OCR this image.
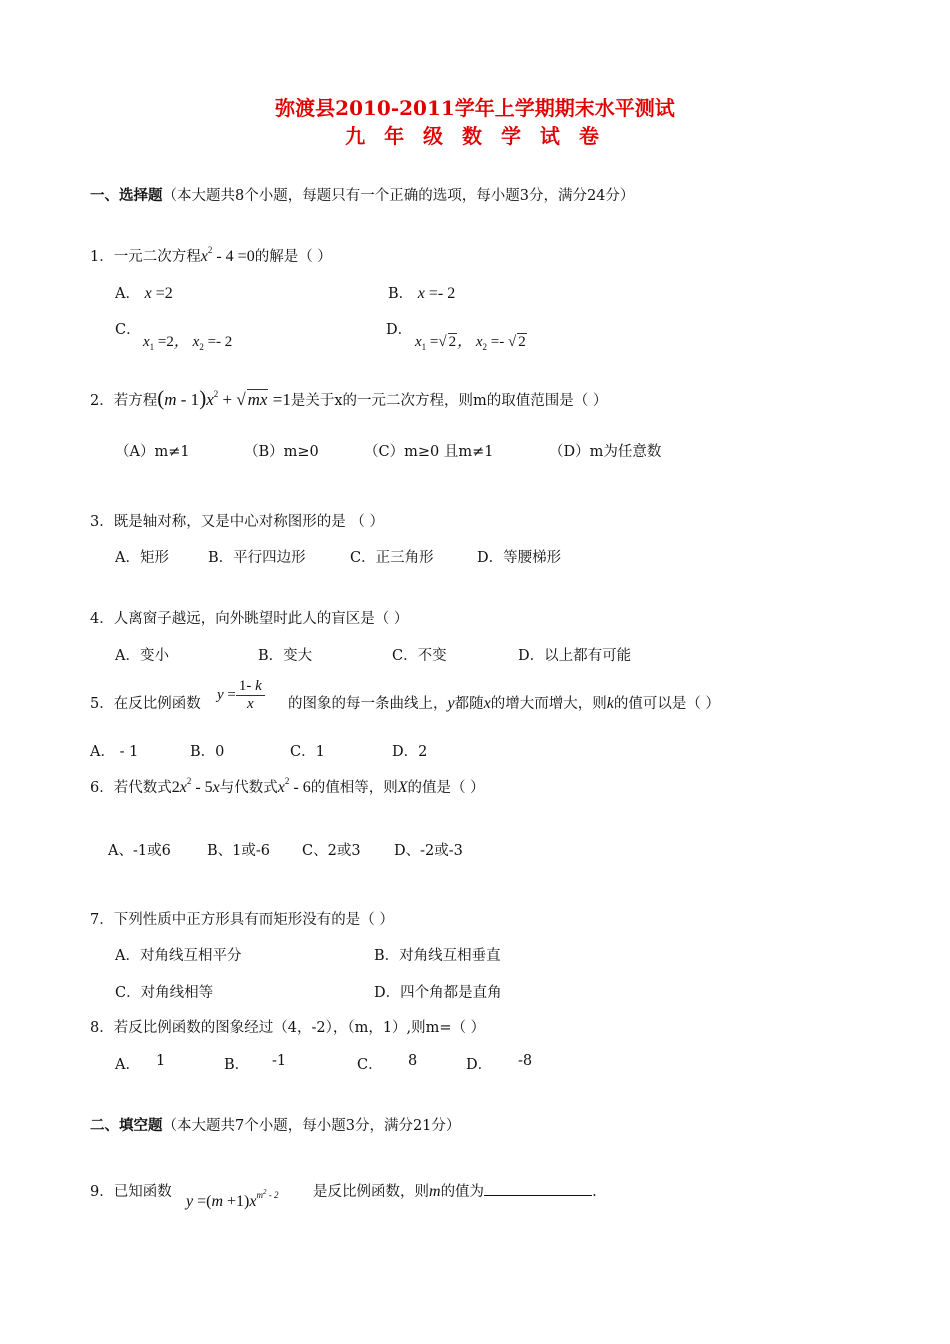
弥渡县2010-2011学年上学期期末水平测试
九 年 级 数 学 试 卷
一、选择题（本大题共8个小题，每题只有一个正确的选项，每小题3分，满分24分）
1．一元二次方程$x^2 - 4 =0$的解是（ ）
A． x =2	B． x =- 2
C．
$x_1 =2$， $x_2 =- 2$
D．
$x_1$ =√ 2， $x_2$ =- √ 2
2．若方程$(m - 1)x^2$ + √ mx =1是关于x的一元二次方程，则m的取值范围是（ ）
（A）m≠1	（B）m≥0	（C）m≥0 且m≠1	（D）m为任意数
3．既是轴对称，又是中心对称图形的是 （ ）
A．矩形	B．平行四边形	C．正三角形	D．等腰梯形
4．人离窗子越远，向外眺望时此人的盲区是（ ）
A．变小	B．变大	C．不变	D．以上都有可能
5．在反比例函数
$y = \frac{1- k}{x}$ 的图象的每一条曲线上，y都随x的增大而增大，则k的值可以是（ ）
A． - 1	B．0	C．1	D．2
6．若代数式$2x^2 - 5x$与代数式$x^2 - 6$的值相等，则X的值是（ ）
A、-1或6 B、1或-6 C、2或3 D、-2或-3
7．下列性质中正方形具有而矩形没有的是（ ）
A．对角线互相平分	B．对角线互相垂直
C．对角线相等	D．四个角都是直角
8．若反比例函数的图象经过（4，-2），（m，1）,则m=（ ）
A． 1	B． -1	C． 8	D． -8
二、填空题（本大题共7个小题，每小题3分，满分21分）
9．已知函数
$y =(m +1)x^{m^2 - 2}$ 是反比例函数，则m的值为	.
